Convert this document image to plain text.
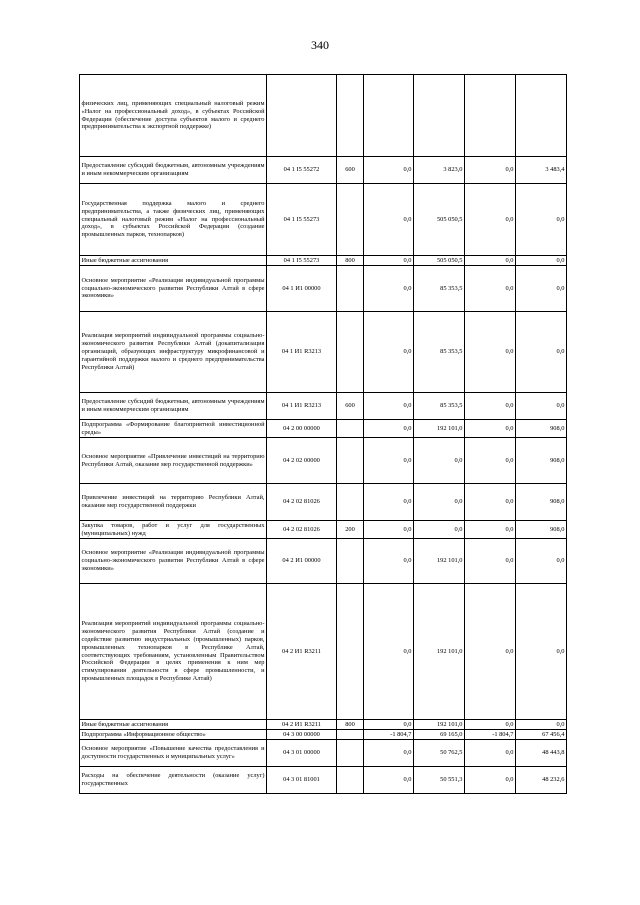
340
физических лиц, применяющих специальный налоговый режим «Налог на профессиональный доход», в субъектах Российской Федерации (обеспечение доступа субъектов малого и среднего предпринимательства к экспортной поддержке)						
Предоставление субсидий бюджетным, автономным учреждениям и иным некоммерческим организациям	04 1 I5 55272	600	0,0	3 823,0	0,0	3 483,4
Государственная поддержка малого и среднего предпринимательства, а также физических лиц, применяющих специальный налоговый режим «Налог на профессиональный доход», в субъектах Российской Федерации (создание промышленных парков, технопарков)	04 1 I5 55273		0,0	505 050,5	0,0	0,0
Иные бюджетные ассигнования	04 1 I5 55273	800	0,0	505 050,5	0,0	0,0
Основное мероприятие «Реализация индивидуальной программы социально-экономического развития Республики Алтай в сфере экономики»	04 1 И1 00000		0,0	85 353,5	0,0	0,0
Реализация мероприятий индивидуальной программы социально-экономического развития Республики Алтай (докапитализация организаций, образующих инфраструктуру микрофинансовой и гарантийной поддержки малого и среднего предпринимательства Республики Алтай)	04 1 И1 R3213		0,0	85 353,5	0,0	0,0
Предоставление субсидий бюджетным, автономным учреждениям и иным некоммерческим организациям	04 1 И1 R3213	600	0,0	85 353,5	0,0	0,0
Подпрограмма «Формирование благоприятной инвестиционной среды»	04 2 00 00000		0,0	192 101,0	0,0	908,0
Основное мероприятие «Привлечение инвестиций на территорию Республики Алтай, оказание мер государственной поддержки»	04 2 02 00000		0,0	0,0	0,0	908,0
Привлечение инвестиций на территорию Республики Алтай, оказание мер государственной поддержки	04 2 02 81026		0,0	0,0	0,0	908,0
Закупка товаров, работ и услуг для государственных (муниципальных) нужд	04 2 02 81026	200	0,0	0,0	0,0	908,0
Основное мероприятие «Реализация индивидуальной программы социально-экономического развития Республики Алтай в сфере экономики»	04 2 И1 00000		0,0	192 101,0	0,0	0,0
Реализация мероприятий индивидуальной программы социально-экономического развития Республики Алтай (создание и содействие развитию индустриальных (промышленных) парков, промышленных технопарков в Республике Алтай, соответствующих требованиям, установленным Правительством Российской Федерации в целях применения к ним мер стимулирования деятельности в сфере промышленности, и промышленных площадок в Республике Алтай)	04 2 И1 R3211		0,0	192 101,0	0,0	0,0
Иные бюджетные ассигнования	04 2 И1 R3211	800	0,0	192 101,0	0,0	0,0
Подпрограмма «Информационное общество»	04 3 00 00000		-1 804,7	69 165,0	-1 804,7	67 456,4
Основное мероприятие «Повышение качества предоставления и доступности государственных и муниципальных услуг»	04 3 01 00000		0,0	50 762,5	0,0	48 443,8
Расходы на обеспечение деятельности (оказание услуг) государственных	04 3 01 81001		0,0	50 551,3	0,0	48 232,6
